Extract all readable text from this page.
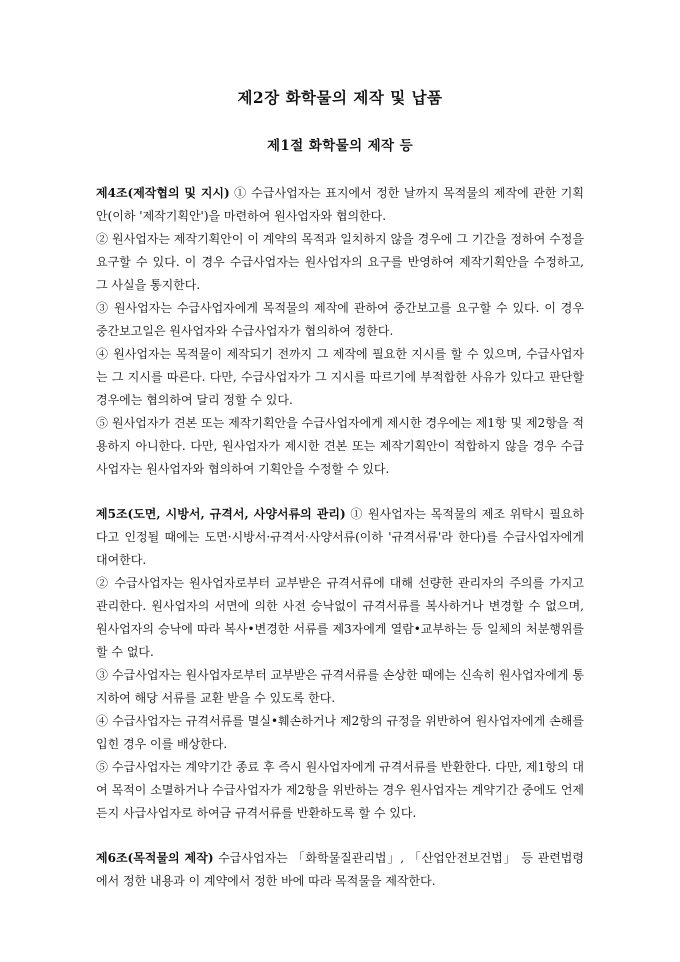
제2장 화학물의 제작 및 납품
제1절 화학물의 제작 등

제4조(제작협의 및 지시) ① 수급사업자는 표지에서 정한 날까지 목적물의 제작에 관한 기획안(이하 '제작기획안')을 마련하여 원사업자와 협의한다.

② 원사업자는 제작기획안이 이 계약의 목적과 일치하지 않을 경우에 그 기간을 정하여 수정을 요구할 수 있다. 이 경우 수급사업자는 원사업자의 요구를 반영하여 제작기획안을 수정하고, 그 사실을 통지한다.

③ 원사업자는 수급사업자에게 목적물의 제작에 관하여 중간보고를 요구할 수 있다. 이 경우 중간보고일은 원사업자와 수급사업자가 협의하여 정한다.

④ 원사업자는 목적물이 제작되기 전까지 그 제작에 필요한 지시를 할 수 있으며, 수급사업자는 그 지시를 따른다. 다만, 수급사업자가 그 지시를 따르기에 부적합한 사유가 있다고 판단할 경우에는 협의하여 달리 정할 수 있다.

⑤ 원사업자가 견본 또는 제작기획안을 수급사업자에게 제시한 경우에는 제1항 및 제2항을 적용하지 아니한다. 다만, 원사업자가 제시한 견본 또는 제작기획안이 적합하지 않을 경우 수급사업자는 원사업자와 협의하여 기획안을 수정할 수 있다.

제5조(도면, 시방서, 규격서, 사양서류의 관리) ① 원사업자는 목적물의 제조 위탁시 필요하다고 인정될 때에는 도면·시방서·규격서·사양서류(이하 '규격서류'라 한다)를 수급사업자에게 대여한다.

② 수급사업자는 원사업자로부터 교부받은 규격서류에 대해 선량한 관리자의 주의를 가지고 관리한다. 원사업자의 서면에 의한 사전 승낙없이 규격서류를 복사하거나 변경할 수 없으며, 원사업자의 승낙에 따라 복사•변경한 서류를 제3자에게 열람•교부하는 등 일체의 처분행위를 할 수 없다.

③ 수급사업자는 원사업자로부터 교부받은 규격서류를 손상한 때에는 신속히 원사업자에게 통지하여 해당 서류를 교환 받을 수 있도록 한다.

④ 수급사업자는 규격서류를 멸실•훼손하거나 제2항의 규정을 위반하여 원사업자에게 손해를 입힌 경우 이를 배상한다.

⑤ 수급사업자는 계약기간 종료 후 즉시 원사업자에게 규격서류를 반환한다. 다만, 제1항의 대여 목적이 소멸하거나 수급사업자가 제2항을 위반하는 경우 원사업자는 계약기간 중에도 언제든지 사급사업자로 하여금 규격서류를 반환하도록 할 수 있다.

제6조(목적물의 제작) 수급사업자는 「화학물질관리법」, 「산업안전보건법」 등 관련법령에서 정한 내용과 이 계약에서 정한 바에 따라 목적물을 제작한다.
